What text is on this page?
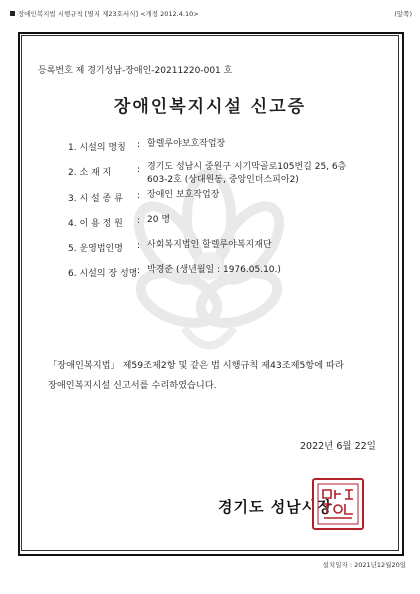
장애인복지법 시행규칙 [별지 제23호서식] <개정 2012.4.10>	(앞쪽)
등록번호 제 경기성남-장애인-20211220-001 호
장애인복지시설 신고증
1. 시설의 명칭 : 할렐루야보호작업장
2. 소 재 지	: 경기도 성남시 중원구 시기막골로105번길 25, 6층
603-2호 (상대원동, 중앙인더스피아2)
3. 시 설 종 류 : 장애인 보호작업장
4. 이 용 정 원 : 20 명
5. 운영법인명 : 사회복지법인 할렐루야복지재단
6. 시설의 장 성명 : 박경준 (생년월일 : 1976.05.10.)
「장애인복지법」 제59조제2항 및 같은 법 시행규칙 제43조제5항에 따라
장애인복지시설 신고서를 수리하였습니다.
2022년 6월 22일
경기도 성남시장
설치일자 : 2021년12월20일
